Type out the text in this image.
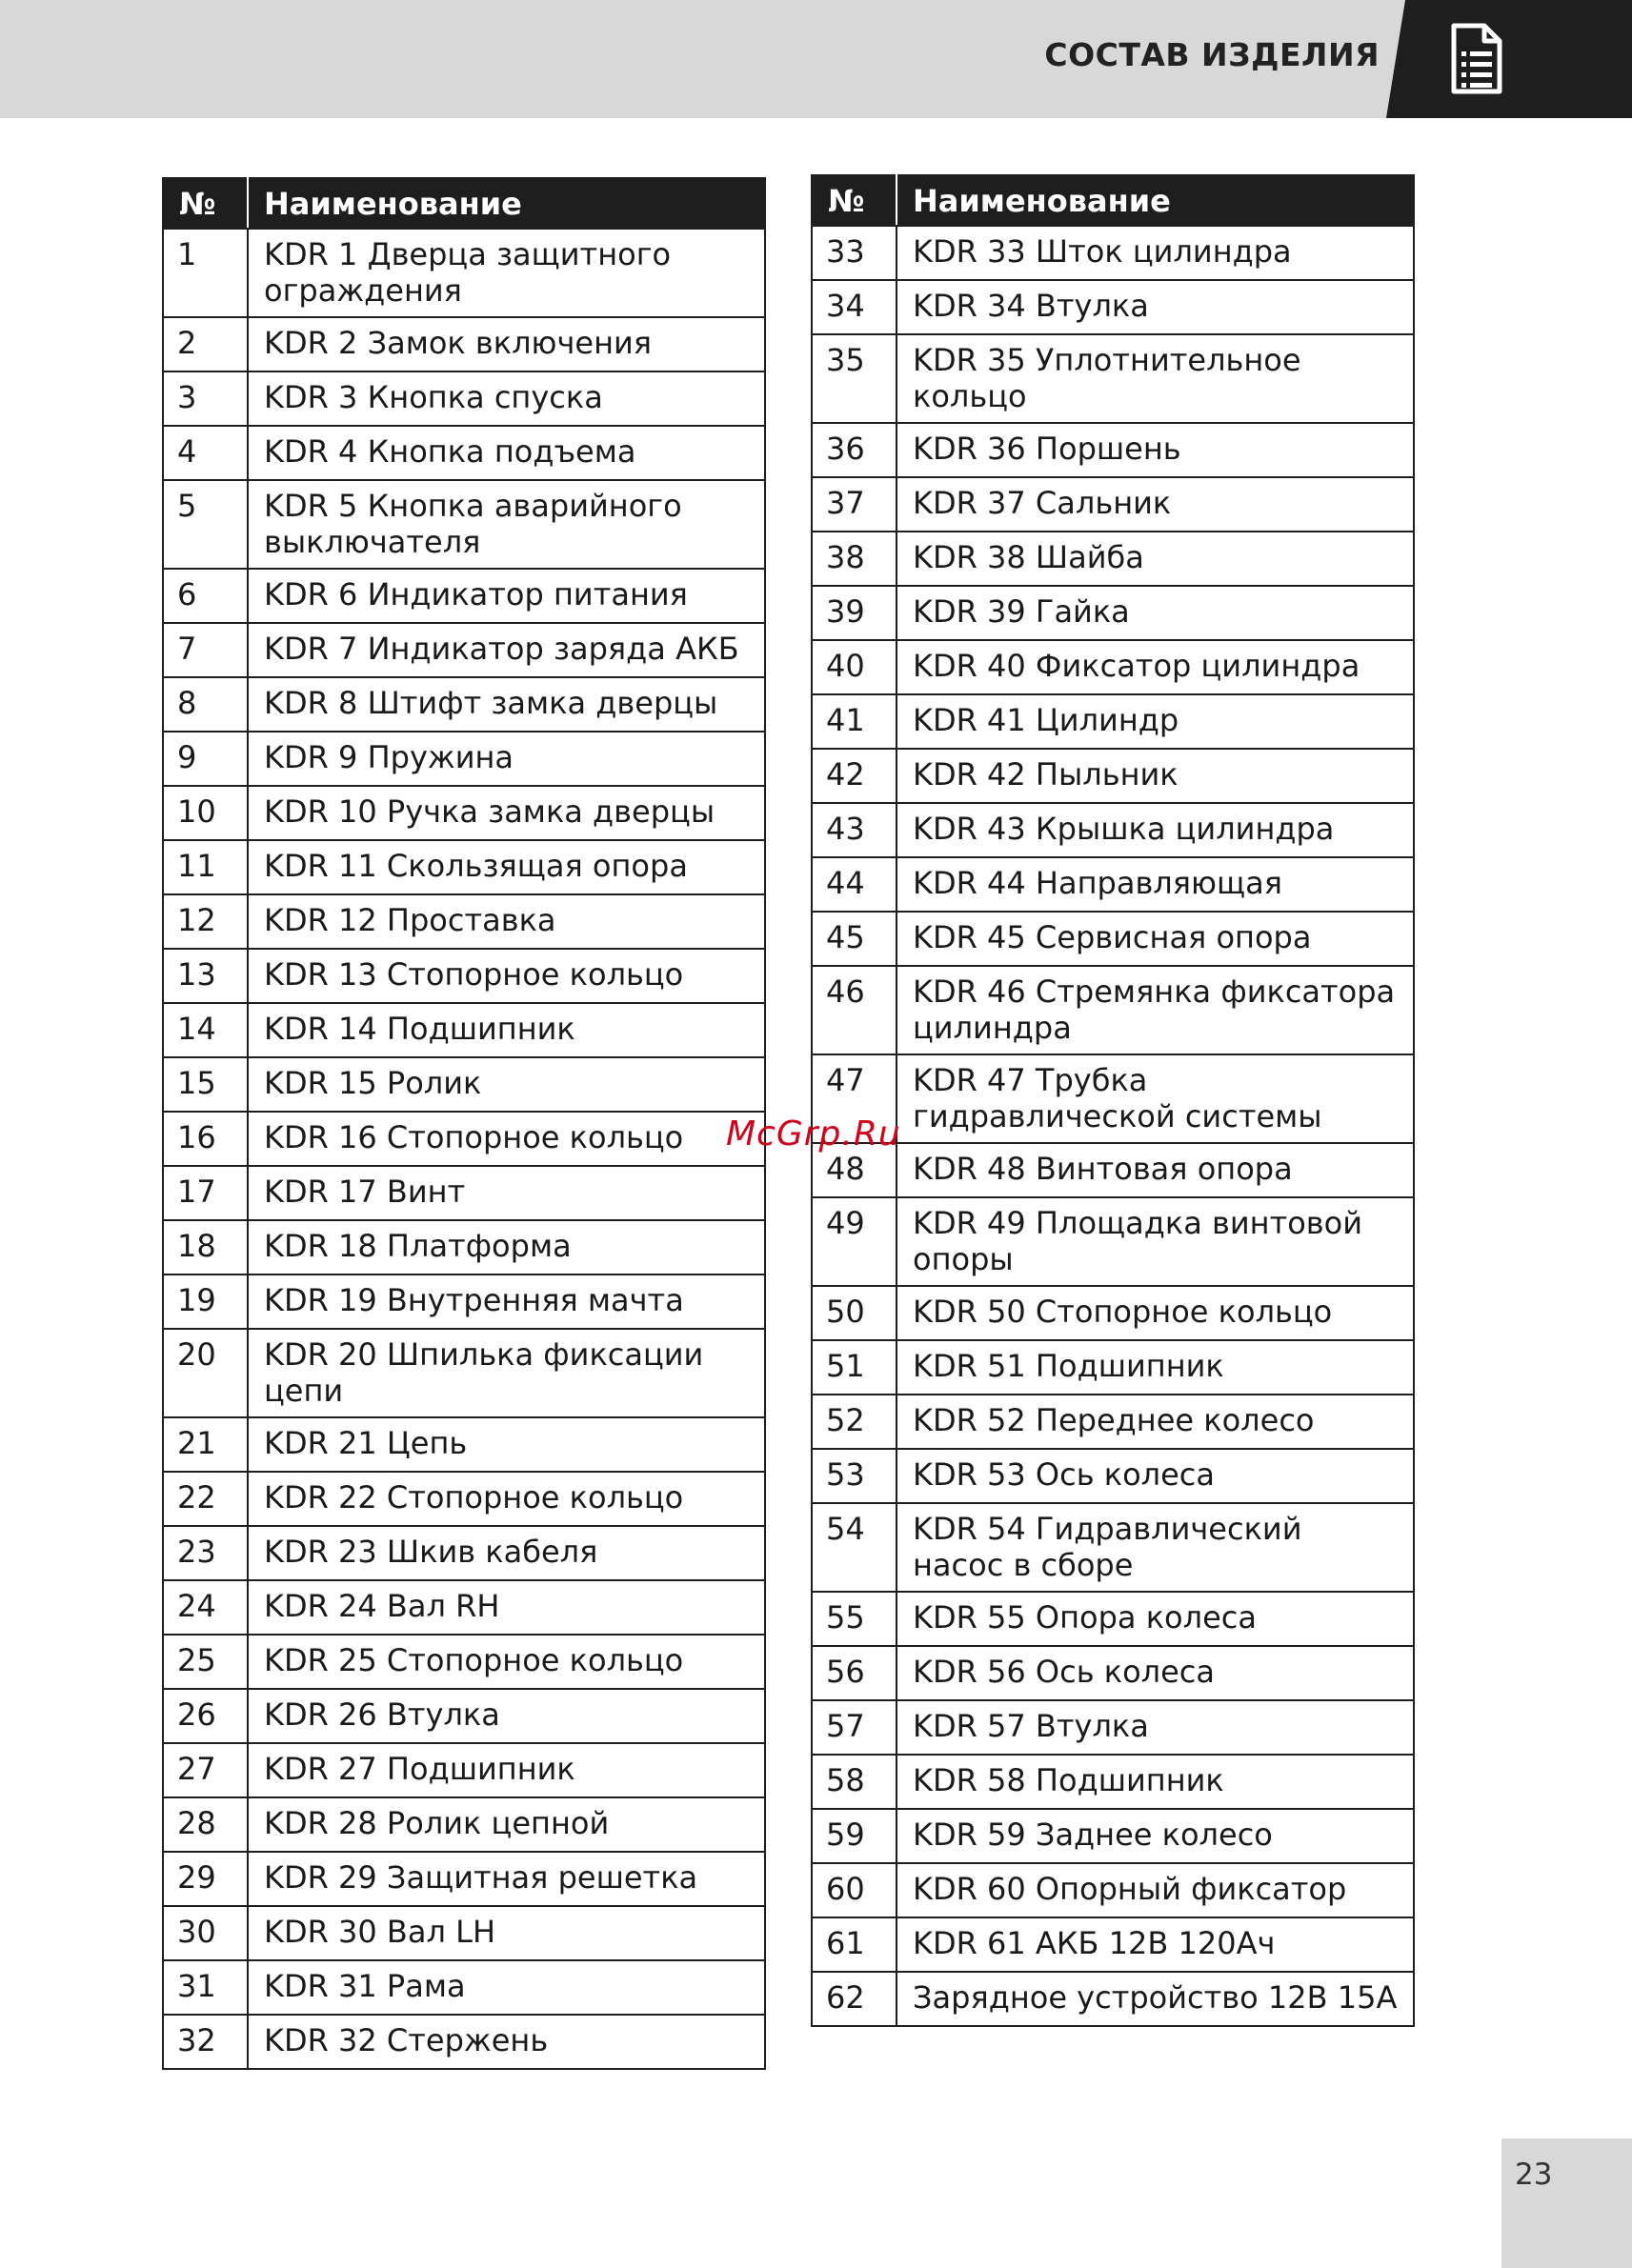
СОСТАВ ИЗДЕЛИЯ
№	Наименование
1	KDR 1 Дверца защитного ограждения
2	KDR 2 Замок включения
3	KDR 3 Кнопка спуска
4	KDR 4 Кнопка подъема
5	KDR 5 Кнопка аварийного выключателя
6	KDR 6 Индикатор питания
7	KDR 7 Индикатор заряда АКБ
8	KDR 8 Штифт замка дверцы
9	KDR 9 Пружина
10	KDR 10 Ручка замка дверцы
11	KDR 11 Скользящая опора
12	KDR 12 Проставка
13	KDR 13 Стопорное кольцо
14	KDR 14 Подшипник
15	KDR 15 Ролик
16	KDR 16 Стопорное кольцо
17	KDR 17 Винт
18	KDR 18 Платформа
19	KDR 19 Внутренняя мачта
20	KDR 20 Шпилька фиксации цепи
21	KDR 21 Цепь
22	KDR 22 Стопорное кольцо
23	KDR 23 Шкив кабеля
24	KDR 24 Вал RH
25	KDR 25 Стопорное кольцо
26	KDR 26 Втулка
27	KDR 27 Подшипник
28	KDR 28 Ролик цепной
29	KDR 29 Защитная решетка
30	KDR 30 Вал LH
31	KDR 31 Рама
32	KDR 32 Стержень
№	Наименование
33	KDR 33 Шток цилиндра
34	KDR 34 Втулка
35	KDR 35 Уплотнительное кольцо
36	KDR 36 Поршень
37	KDR 37 Сальник
38	KDR 38 Шайба
39	KDR 39 Гайка
40	KDR 40 Фиксатор цилиндра
41	KDR 41 Цилиндр
42	KDR 42 Пыльник
43	KDR 43 Крышка цилиндра
44	KDR 44 Направляющая
45	KDR 45 Сервисная опора
46	KDR 46 Стремянка фиксатора цилиндра
47	KDR 47 Трубка гидравлической системы
48	KDR 48 Винтовая опора
49	KDR 49 Площадка винтовой опоры
50	KDR 50 Стопорное кольцо
51	KDR 51 Подшипник
52	KDR 52 Переднее колесо
53	KDR 53 Ось колеса
54	KDR 54 Гидравлический насос в сборе
55	KDR 55 Опора колеса
56	KDR 56 Ось колеса
57	KDR 57 Втулка
58	KDR 58 Подшипник
59	KDR 59 Заднее колесо
60	KDR 60 Опорный фиксатор
61	KDR 61 АКБ 12В 120Ач
62	Зарядное устройство 12В 15А
McGrp.Ru
23
